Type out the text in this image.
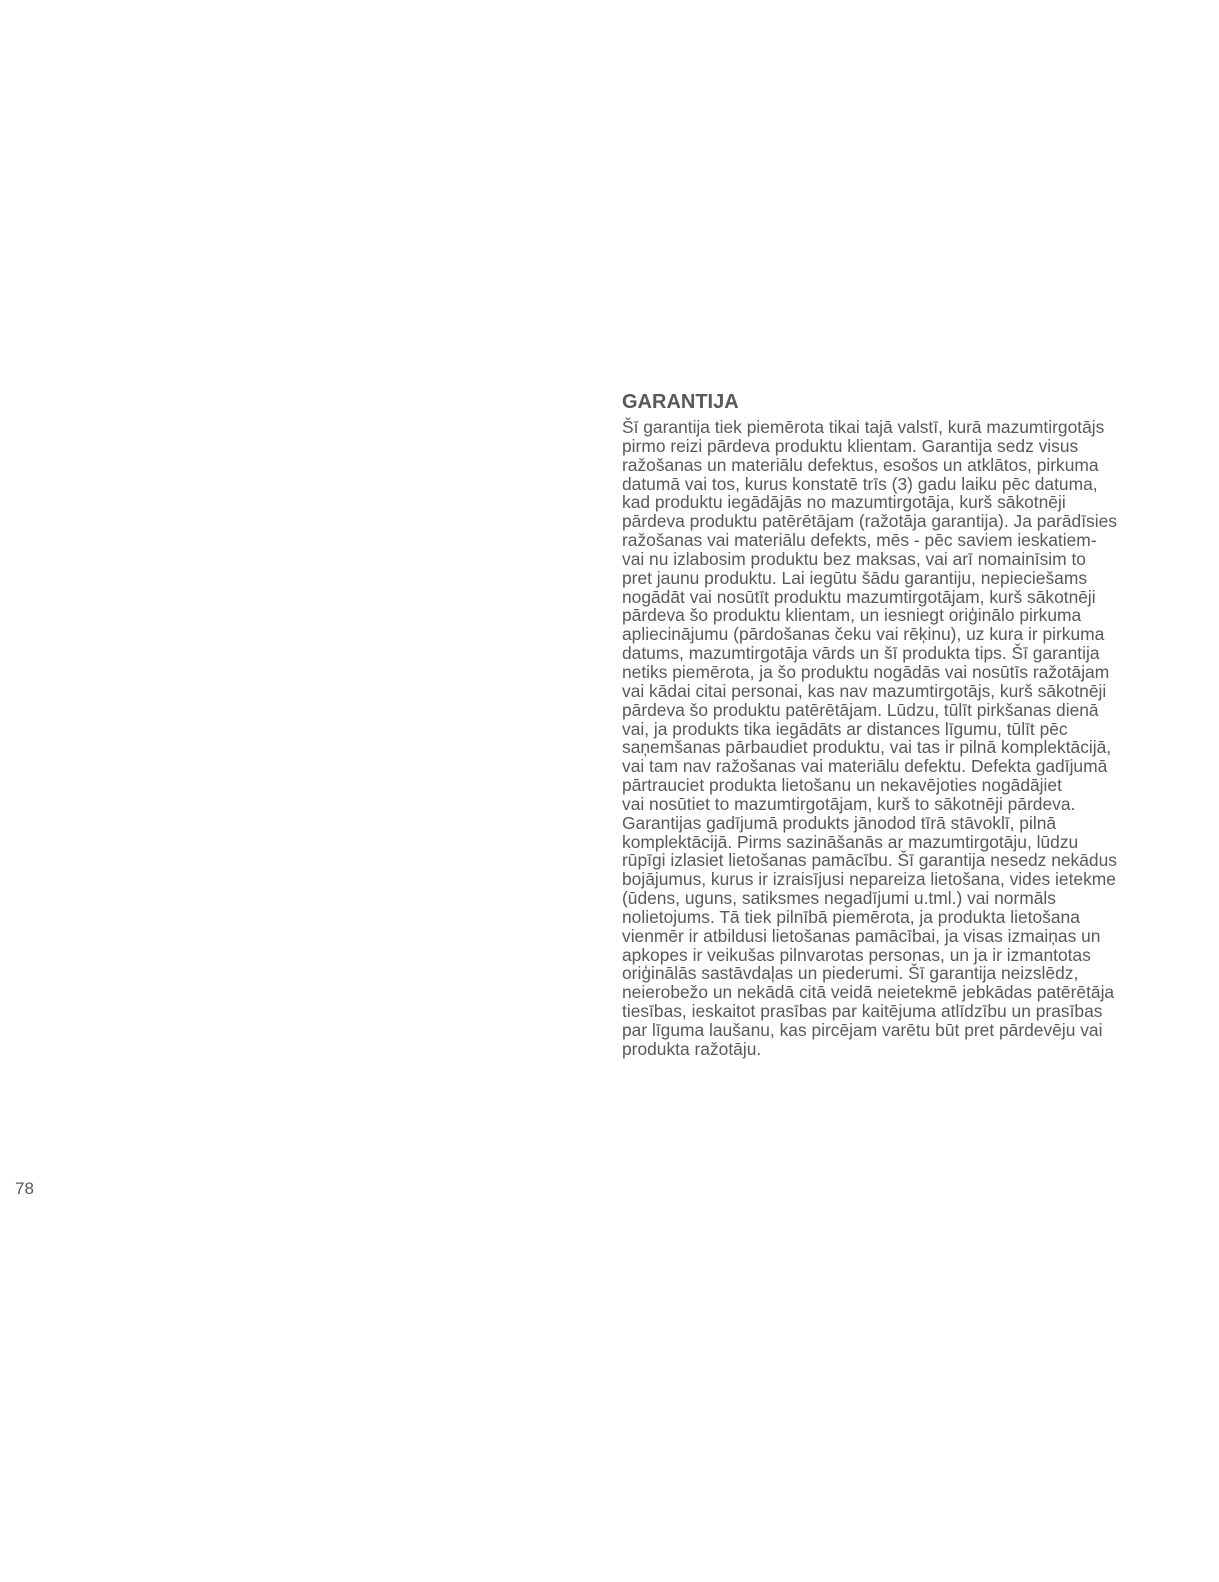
GARANTIJA

Šī garantija tiek piemērota tikai tajā valstī, kurā mazumtirgotājs
pirmo reizi pārdeva produktu klientam. Garantija sedz visus
ražošanas un materiālu defektus, esošos un atklātos, pirkuma
datumā vai tos, kurus konstatē trīs (3) gadu laiku pēc datuma,
kad produktu iegādājās no mazumtirgotāja, kurš sākotnēji
pārdeva produktu patērētājam (ražotāja garantija). Ja parādīsies
ražošanas vai materiālu defekts, mēs - pēc saviem ieskatiem-
vai nu izlabosim produktu bez maksas, vai arī nomainīsim to
pret jaunu produktu. Lai iegūtu šādu garantiju, nepieciešams
nogādāt vai nosūtīt produktu mazumtirgotājam, kurš sākotnēji
pārdeva šo produktu klientam, un iesniegt oriģinālo pirkuma
apliecinājumu (pārdošanas čeku vai rēķinu), uz kura ir pirkuma
datums, mazumtirgotāja vārds un šī produkta tips. Šī garantija
netiks piemērota, ja šo produktu nogādās vai nosūtīs ražotājam
vai kādai citai personai, kas nav mazumtirgotājs, kurš sākotnēji
pārdeva šo produktu patērētājam. Lūdzu, tūlīt pirkšanas dienā
vai, ja produkts tika iegādāts ar distances līgumu, tūlīt pēc
saņemšanas pārbaudiet produktu, vai tas ir pilnā komplektācijā,
vai tam nav ražošanas vai materiālu defektu. Defekta gadījumā
pārtrauciet produkta lietošanu un nekavējoties nogādājiet
vai nosūtiet to mazumtirgotājam, kurš to sākotnēji pārdeva.
Garantijas gadījumā produkts jānodod tīrā stāvoklī, pilnā
komplektācijā. Pirms sazināšanās ar mazumtirgotāju, lūdzu
rūpīgi izlasiet lietošanas pamācību. Šī garantija nesedz nekādus
bojājumus, kurus ir izraisījusi nepareiza lietošana, vides ietekme
(ūdens, uguns, satiksmes negadījumi u.tml.) vai normāls
nolietojums. Tā tiek pilnībā piemērota, ja produkta lietošana
vienmēr ir atbildusi lietošanas pamācībai, ja visas izmaiņas un
apkopes ir veikušas pilnvarotas personas, un ja ir izmantotas
oriģinālās sastāvdaļas un piederumi. Šī garantija neizslēdz,
neierobežo un nekādā citā veidā neietekmē jebkādas patērētāja
tiesības, ieskaitot prasības par kaitējuma atlīdzību un prasības
par līguma laušanu, kas pircējam varētu būt pret pārdevēju vai
produkta ražotāju.

78
